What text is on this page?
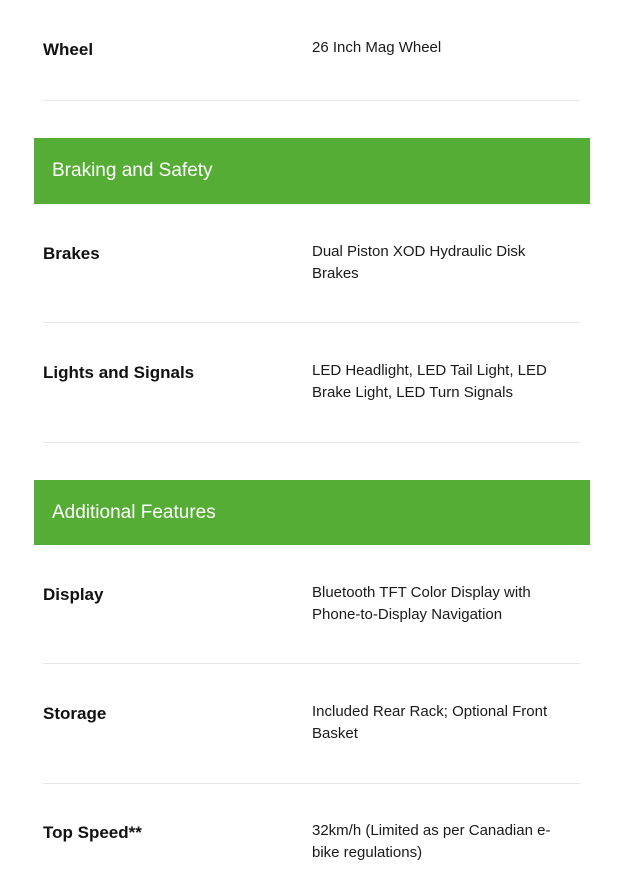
Wheel	26 Inch Mag Wheel
Braking and Safety
Brakes	Dual Piston XOD Hydraulic Disk Brakes
Lights and Signals	LED Headlight, LED Tail Light, LED Brake Light, LED Turn Signals
Additional Features
Display	Bluetooth TFT Color Display with Phone-to-Display Navigation
Storage	Included Rear Rack; Optional Front Basket
Top Speed**	32km/h (Limited as per Canadian e-bike regulations)
